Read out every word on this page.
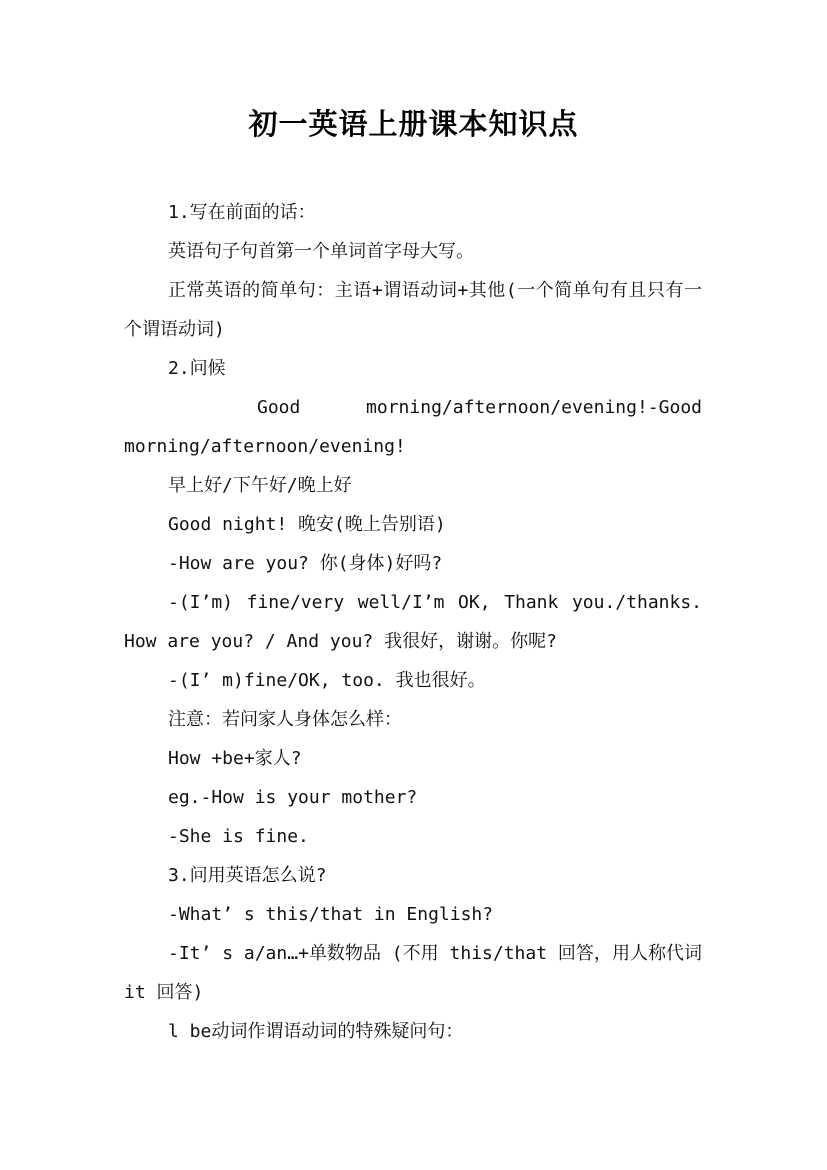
初一英语上册课本知识点

1.写在前面的话：

英语句子句首第一个单词首字母大写。

正常英语的简单句：主语+谓语动词+其他(一个简单句有且只有一个谓语动词)

2.问候

Good morning/afternoon/evening!-Good morning/afternoon/evening!

早上好/下午好/晚上好

Good night! 晚安(晚上告别语)

-How are you? 你(身体)好吗?

-(I’m) fine/very well/I’m OK, Thank you./thanks. How are you? / And you? 我很好，谢谢。你呢?

-(I’ m)fine/OK, too. 我也很好。

注意：若问家人身体怎么样：

How +be+家人?

eg.-How is your mother?

-She is fine.

3.问用英语怎么说?

-What’ s this/that in English?

-It’ s a/an…+单数物品 (不用 this/that 回答，用人称代词 it 回答)

l be动词作谓语动词的特殊疑问句：
